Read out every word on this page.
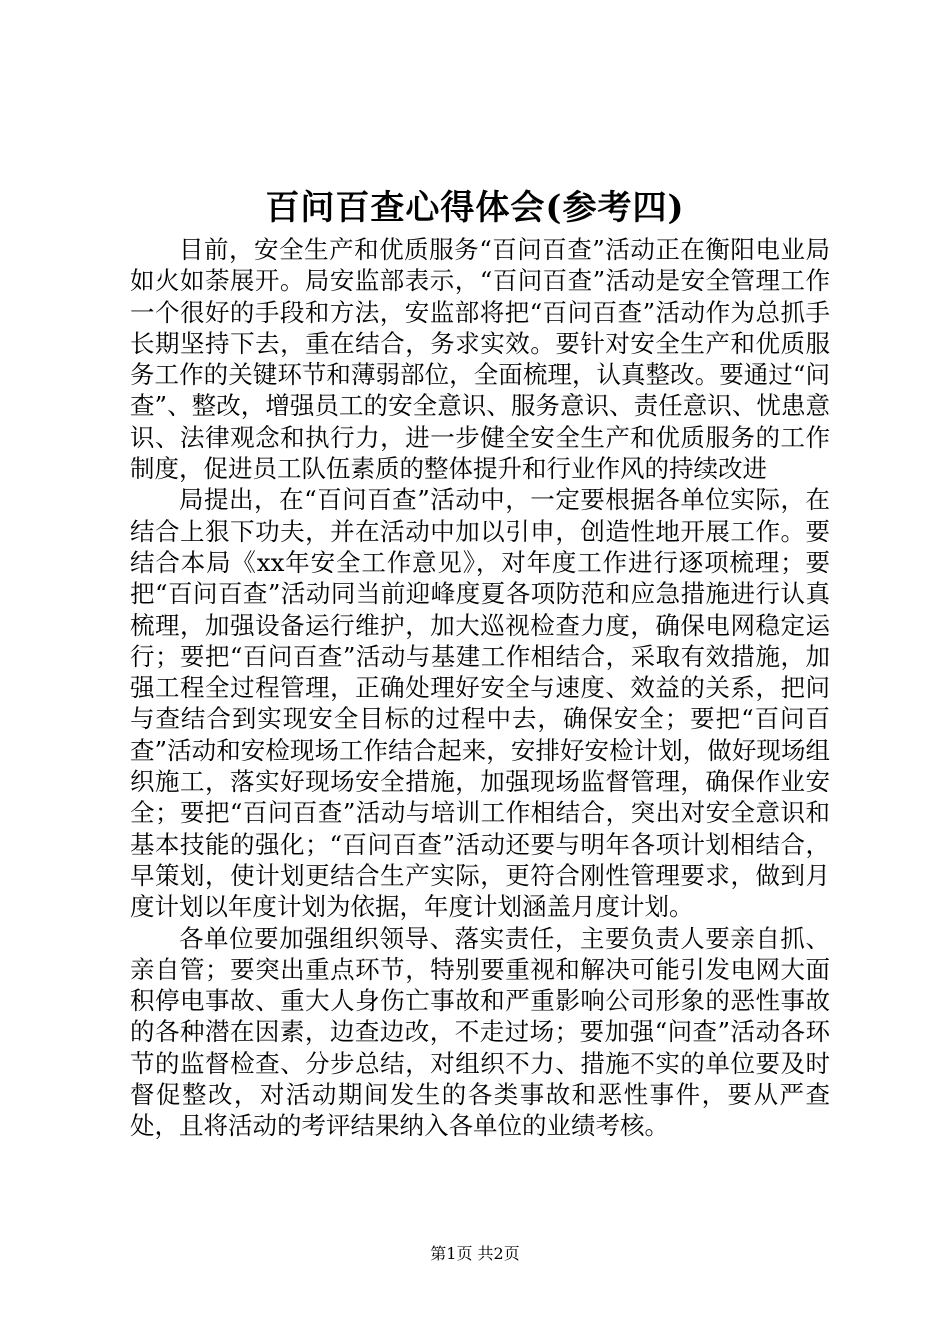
百问百查心得体会(参考四)

目前，安全生产和优质服务“百问百查”活动正在衡阳电业局如火如荼展开。局安监部表示，“百问百查”活动是安全管理工作一个很好的手段和方法，安监部将把“百问百查”活动作为总抓手长期坚持下去，重在结合，务求实效。要针对安全生产和优质服务工作的关键环节和薄弱部位，全面梳理，认真整改。要通过“问查”、整改，增强员工的安全意识、服务意识、责任意识、忧患意识、法律观念和执行力，进一步健全安全生产和优质服务的工作制度，促进员工队伍素质的整体提升和行业作风的持续改进

局提出，在“百问百查”活动中，一定要根据各单位实际，在结合上狠下功夫，并在活动中加以引申，创造性地开展工作。要结合本局《xx年安全工作意见》，对年度工作进行逐项梳理；要把“百问百查”活动同当前迎峰度夏各项防范和应急措施进行认真梳理，加强设备运行维护，加大巡视检查力度，确保电网稳定运行；要把“百问百查”活动与基建工作相结合，采取有效措施，加强工程全过程管理，正确处理好安全与速度、效益的关系，把问与查结合到实现安全目标的过程中去，确保安全；要把“百问百查”活动和安检现场工作结合起来，安排好安检计划，做好现场组织施工，落实好现场安全措施，加强现场监督管理，确保作业安全；要把“百问百查”活动与培训工作相结合，突出对安全意识和基本技能的强化；“百问百查”活动还要与明年各项计划相结合，早策划，使计划更结合生产实际，更符合刚性管理要求，做到月度计划以年度计划为依据，年度计划涵盖月度计划。

各单位要加强组织领导、落实责任，主要负责人要亲自抓、亲自管；要突出重点环节，特别要重视和解决可能引发电网大面积停电事故、重大人身伤亡事故和严重影响公司形象的恶性事故的各种潜在因素，边查边改，不走过场；要加强“问查”活动各环节的监督检查、分步总结，对组织不力、措施不实的单位要及时督促整改，对活动期间发生的各类事故和恶性事件，要从严查处，且将活动的考评结果纳入各单位的业绩考核。

第1页 共2页
